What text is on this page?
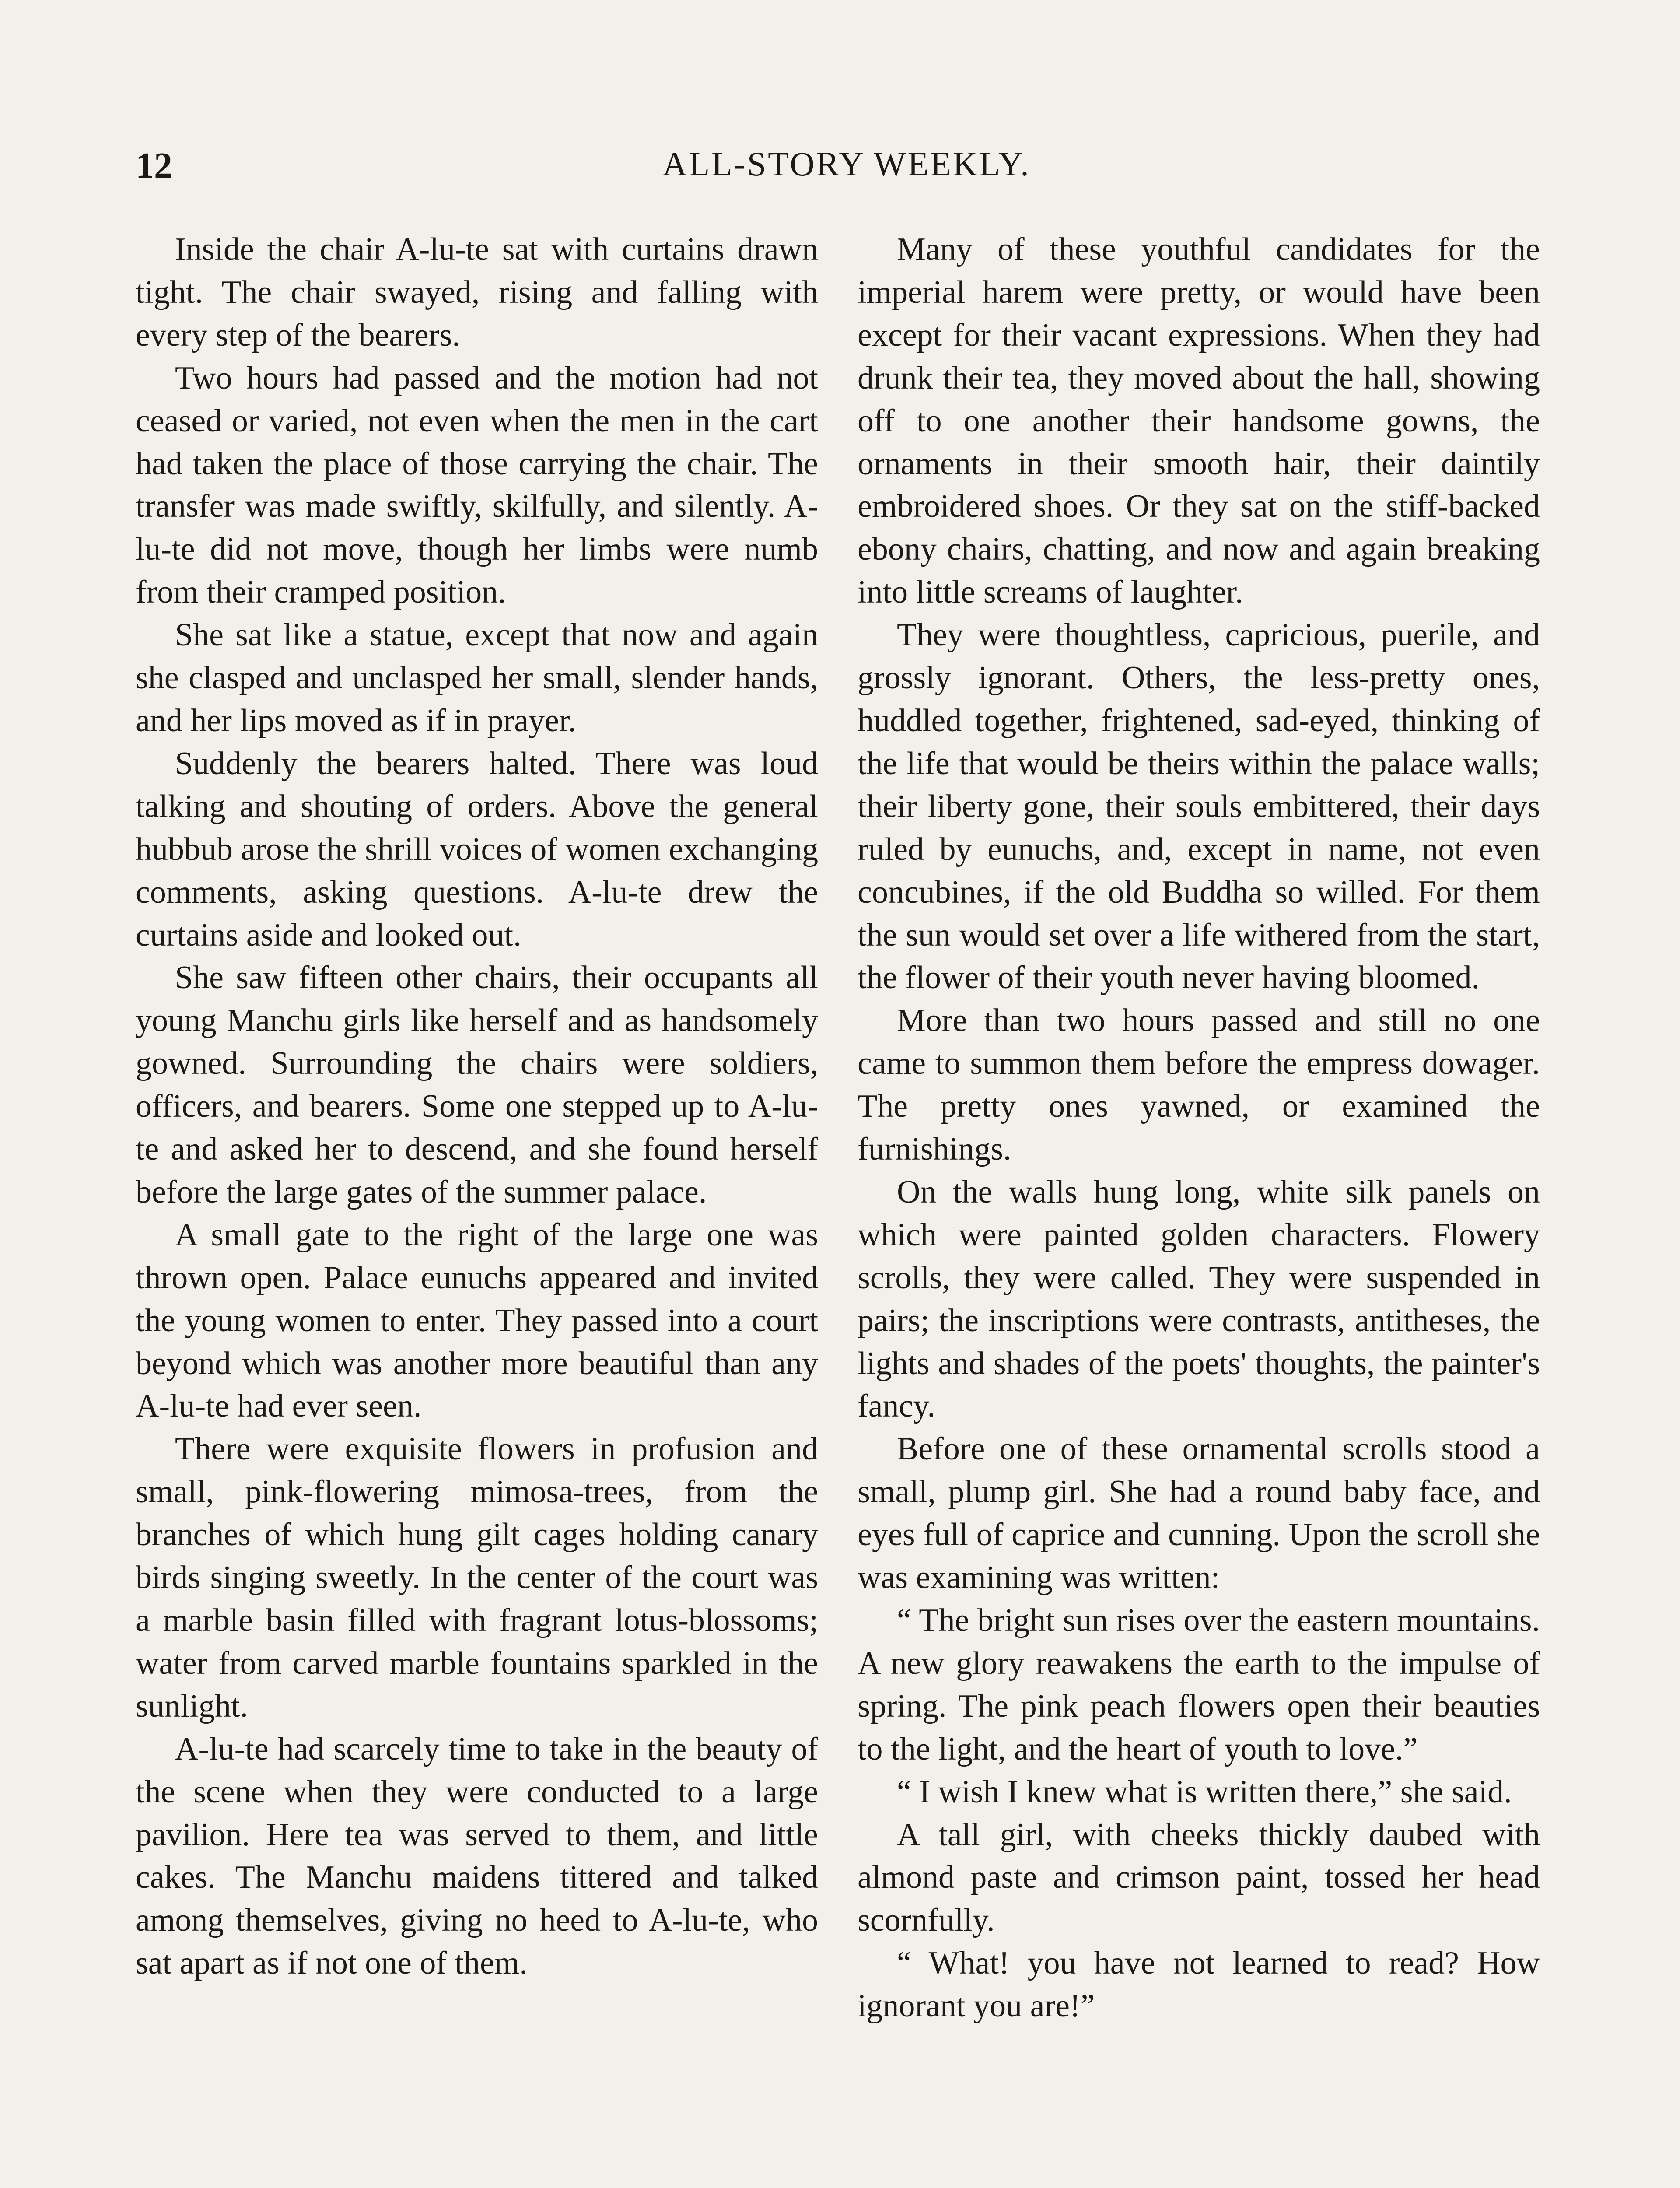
12	ALL-STORY WEEKLY.

Inside the chair A-lu-te sat with curtains drawn tight. The chair swayed, rising and falling with every step of the bearers.

Two hours had passed and the motion had not ceased or varied, not even when the men in the cart had taken the place of those carrying the chair. The transfer was made swiftly, skilfully, and silently. A-lu-te did not move, though her limbs were numb from their cramped position.

She sat like a statue, except that now and again she clasped and unclasped her small, slender hands, and her lips moved as if in prayer.

Suddenly the bearers halted. There was loud talking and shouting of orders. Above the general hubbub arose the shrill voices of women exchanging comments, asking questions. A-lu-te drew the curtains aside and looked out.

She saw fifteen other chairs, their occupants all young Manchu girls like herself and as handsomely gowned. Surrounding the chairs were soldiers, officers, and bearers. Some one stepped up to A-lu-te and asked her to descend, and she found herself before the large gates of the summer palace.

A small gate to the right of the large one was thrown open. Palace eunuchs appeared and invited the young women to enter. They passed into a court beyond which was another more beautiful than any A-lu-te had ever seen.

There were exquisite flowers in profusion and small, pink-flowering mimosa-trees, from the branches of which hung gilt cages holding canary birds singing sweetly. In the center of the court was a marble basin filled with fragrant lotus-blossoms; water from carved marble fountains sparkled in the sunlight.

A-lu-te had scarcely time to take in the beauty of the scene when they were conducted to a large pavilion. Here tea was served to them, and little cakes. The Manchu maidens tittered and talked among themselves, giving no heed to A-lu-te, who sat apart as if not one of them.

Many of these youthful candidates for the imperial harem were pretty, or would have been except for their vacant expressions. When they had drunk their tea, they moved about the hall, showing off to one another their handsome gowns, the ornaments in their smooth hair, their daintily embroidered shoes. Or they sat on the stiff-backed ebony chairs, chatting, and now and again breaking into little screams of laughter.

They were thoughtless, capricious, puerile, and grossly ignorant. Others, the less-pretty ones, huddled together, frightened, sad-eyed, thinking of the life that would be theirs within the palace walls; their liberty gone, their souls embittered, their days ruled by eunuchs, and, except in name, not even concubines, if the old Buddha so willed. For them the sun would set over a life withered from the start, the flower of their youth never having bloomed.

More than two hours passed and still no one came to summon them before the empress dowager. The pretty ones yawned, or examined the furnishings.

On the walls hung long, white silk panels on which were painted golden characters. Flowery scrolls, they were called. They were suspended in pairs; the inscriptions were contrasts, antitheses, the lights and shades of the poets' thoughts, the painter's fancy.

Before one of these ornamental scrolls stood a small, plump girl. She had a round baby face, and eyes full of caprice and cunning. Upon the scroll she was examining was written:

“ The bright sun rises over the eastern mountains. A new glory reawakens the earth to the impulse of spring. The pink peach flowers open their beauties to the light, and the heart of youth to love.”

“ I wish I knew what is written there,” she said.

A tall girl, with cheeks thickly daubed with almond paste and crimson paint, tossed her head scornfully.

“ What! you have not learned to read? How ignorant you are!”
